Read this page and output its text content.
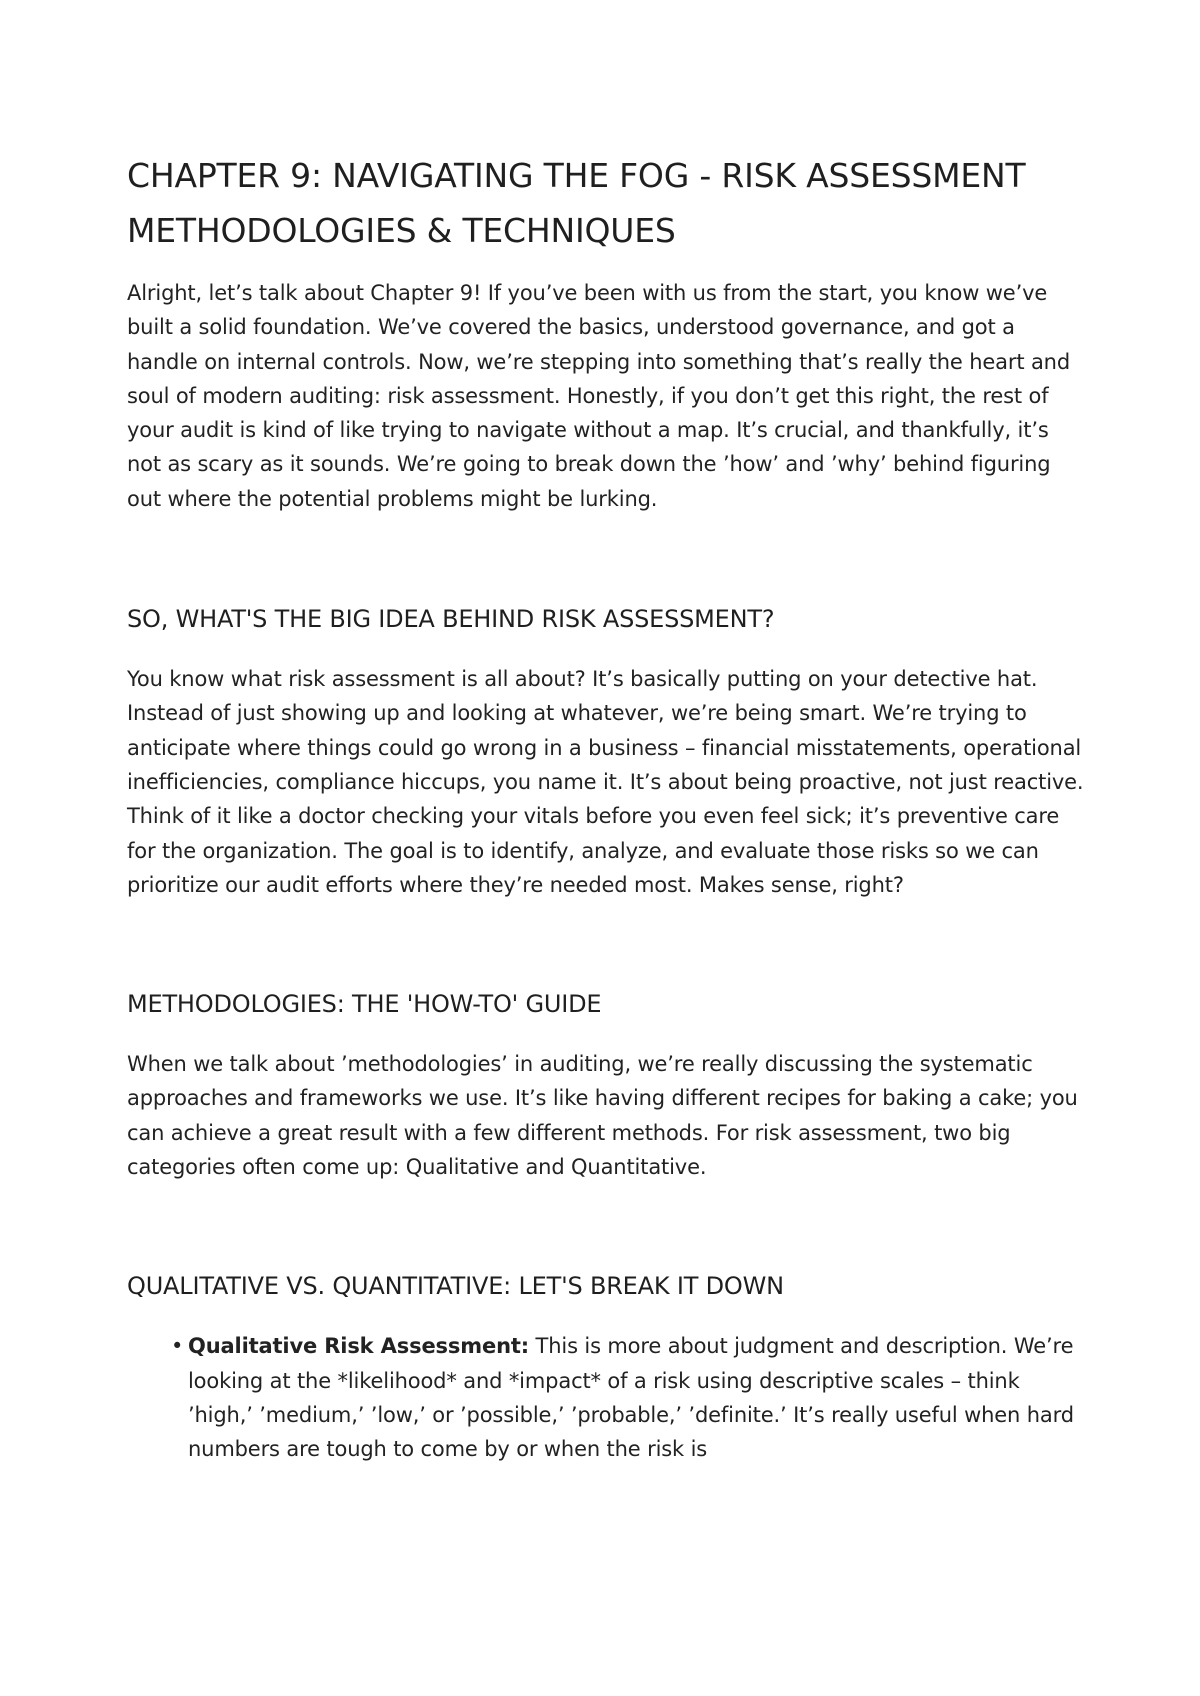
CHAPTER 9: NAVIGATING THE FOG - RISK ASSESSMENT METHODOLOGIES & TECHNIQUES

Alright, let’s talk about Chapter 9! If you’ve been with us from the start, you know we’ve built a solid foundation. We’ve covered the basics, understood governance, and got a handle on internal controls. Now, we’re stepping into something that’s really the heart and soul of modern auditing: risk assessment. Honestly, if you don’t get this right, the rest of your audit is kind of like trying to navigate without a map. It’s crucial, and thankfully, it’s not as scary as it sounds. We’re going to break down the ’how’ and ’why’ behind figuring out where the potential problems might be lurking.

SO, WHAT'S THE BIG IDEA BEHIND RISK ASSESSMENT?

You know what risk assessment is all about? It’s basically putting on your detective hat. Instead of just showing up and looking at whatever, we’re being smart. We’re trying to anticipate where things could go wrong in a business – financial misstatements, operational inefficiencies, compliance hiccups, you name it. It’s about being proactive, not just reactive. Think of it like a doctor checking your vitals before you even feel sick; it’s preventive care for the organization. The goal is to identify, analyze, and evaluate those risks so we can prioritize our audit efforts where they’re needed most. Makes sense, right?

METHODOLOGIES: THE 'HOW-TO' GUIDE

When we talk about ’methodologies’ in auditing, we’re really discussing the systematic approaches and frameworks we use. It’s like having different recipes for baking a cake; you can achieve a great result with a few different methods. For risk assessment, two big categories often come up: Qualitative and Quantitative.

QUALITATIVE VS. QUANTITATIVE: LET'S BREAK IT DOWN
• Qualitative Risk Assessment: This is more about judgment and description. We’re looking at the *likelihood* and *impact* of a risk using descriptive scales – think ’high,’ ’medium,’ ’low,’ or ’possible,’ ’probable,’ ’definite.’ It’s really useful when hard numbers are tough to come by or when the risk is
